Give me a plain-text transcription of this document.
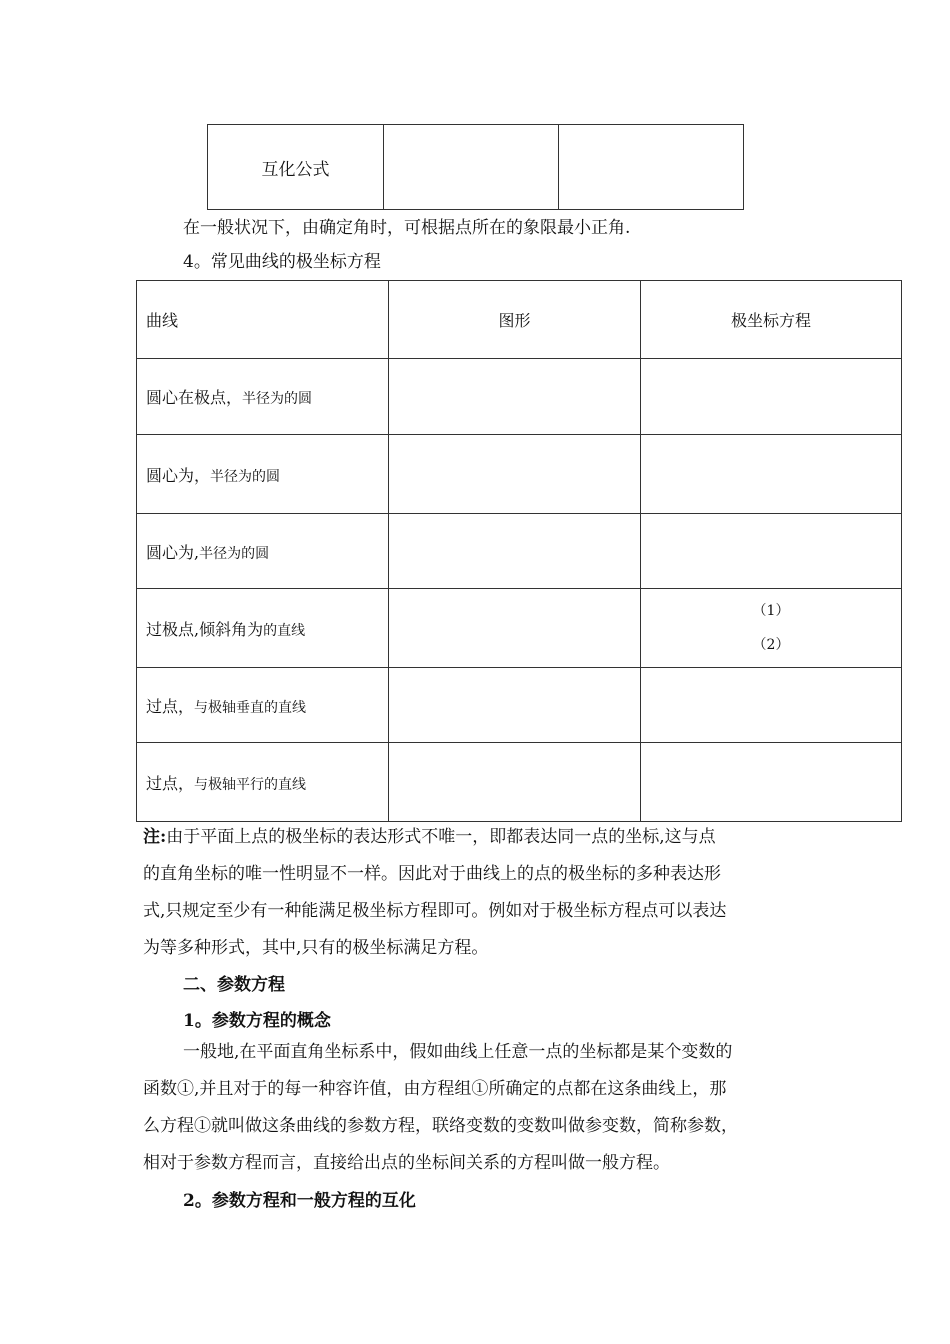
互化公式		
在一般状况下，由确定角时，可根据点所在的象限最小正角.
4。常见曲线的极坐标方程
曲线	图形	极坐标方程
圆心在极点，半径为的圆		
圆心为，半径为的圆		
圆心为,半径为的圆		
过极点,倾斜角为的直线		（1）
（2）

过点，与极轴垂直的直线		
过点，与极轴平行的直线		
注:由于平面上点的极坐标的表达形式不唯一，即都表达同一点的坐标,这与点
的直角坐标的唯一性明显不一样。因此对于曲线上的点的极坐标的多种表达形
式,只规定至少有一种能满足极坐标方程即可。例如对于极坐标方程点可以表达
为等多种形式，其中,只有的极坐标满足方程。
二、参数方程
1。参数方程的概念
一般地,在平面直角坐标系中，假如曲线上任意一点的坐标都是某个变数的
函数①,并且对于的每一种容许值，由方程组①所确定的点都在这条曲线上，那
么方程①就叫做这条曲线的参数方程，联络变数的变数叫做参变数，简称参数，
相对于参数方程而言，直接给出点的坐标间关系的方程叫做一般方程。
2。参数方程和一般方程的互化
